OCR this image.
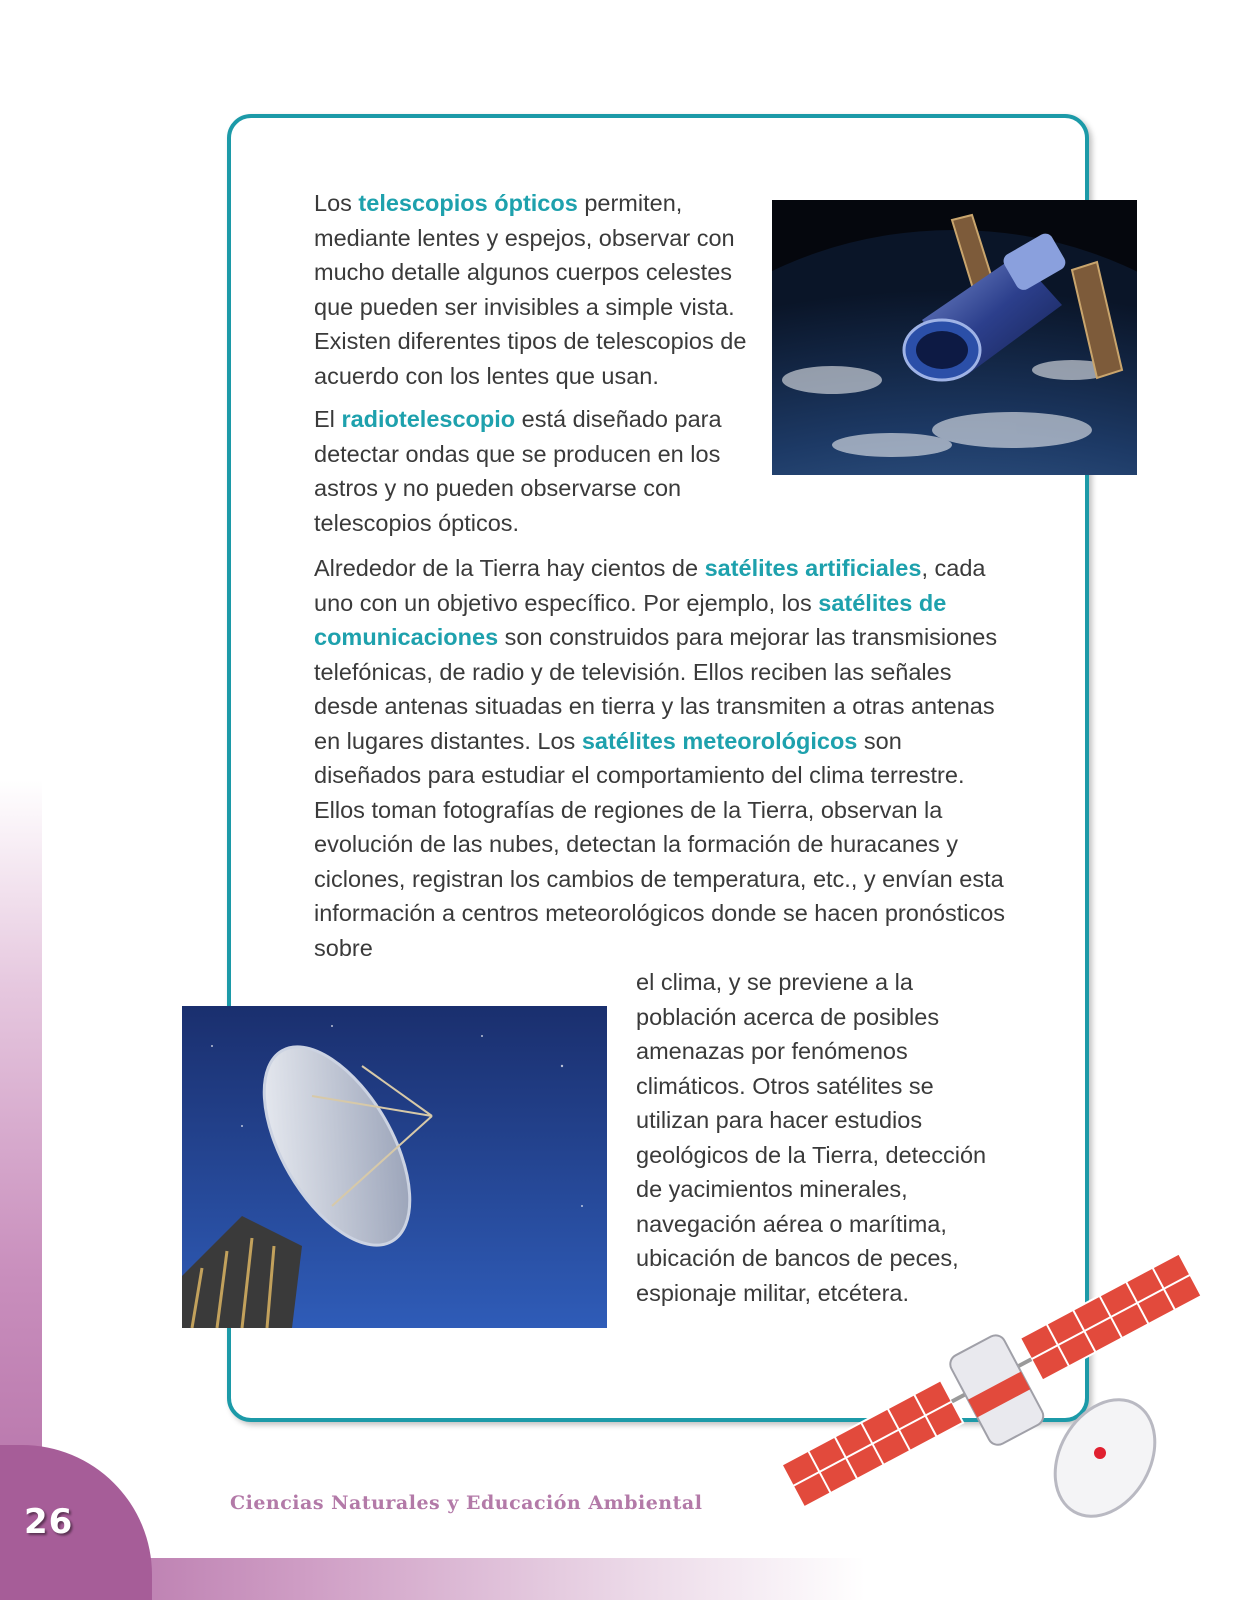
Los telescopios ópticos permiten, mediante lentes y espejos, observar con mucho detalle algunos cuerpos celestes que pueden ser invisibles a simple vista. Existen diferentes tipos de telescopios de acuerdo con los lentes que usan.

El radiotelescopio está diseñado para detectar ondas que se producen en los astros y no pueden observarse con telescopios ópticos.

Alrededor de la Tierra hay cientos de satélites artificiales, cada uno con un objetivo específico. Por ejemplo, los satélites de comunicaciones son construidos para mejorar las transmisiones telefónicas, de radio y de televisión. Ellos reciben las señales desde antenas situadas en tierra y las transmiten a otras antenas en lugares distantes. Los satélites meteorológicos son diseñados para estudiar el comportamiento del clima terrestre. Ellos toman fotografías de regiones de la Tierra, observan la evolución de las nubes, detectan la formación de huracanes y ciclones, registran los cambios de temperatura, etc., y envían esta información a centros meteorológicos donde se hacen pronósticos sobre

el clima, y se previene a la población acerca de posibles amenazas por fenómenos climáticos. Otros satélites se utilizan para hacer estudios geológicos de la Tierra, detección de yacimientos minerales, navegación aérea o marítima, ubicación de bancos de peces, espionaje militar, etcétera.

26	Ciencias Naturales y Educación Ambiental
